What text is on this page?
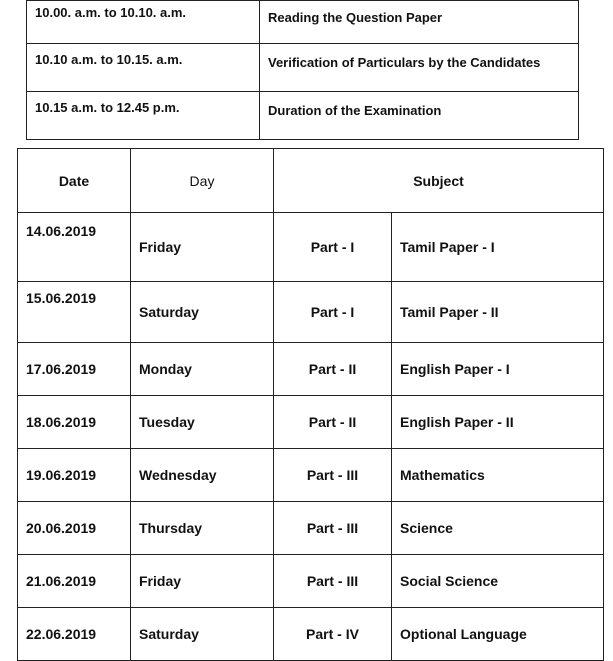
10.00. a.m. to 10.10. a.m.	Reading the Question Paper
10.10 a.m. to 10.15. a.m.	Verification of Particulars by the Candidates
10.15 a.m. to 12.45 p.m.	Duration of the Examination
Date	Day	Subject	
14.06.2019	Friday	Part - I	Tamil Paper - I
15.06.2019	Saturday	Part - I	Tamil Paper - II
17.06.2019	Monday	Part - II	English Paper - I
18.06.2019	Tuesday	Part - II	English Paper - II
19.06.2019	Wednesday	Part - III	Mathematics
20.06.2019	Thursday	Part - III	Science
21.06.2019	Friday	Part - III	Social Science
22.06.2019	Saturday	Part - IV	Optional Language
